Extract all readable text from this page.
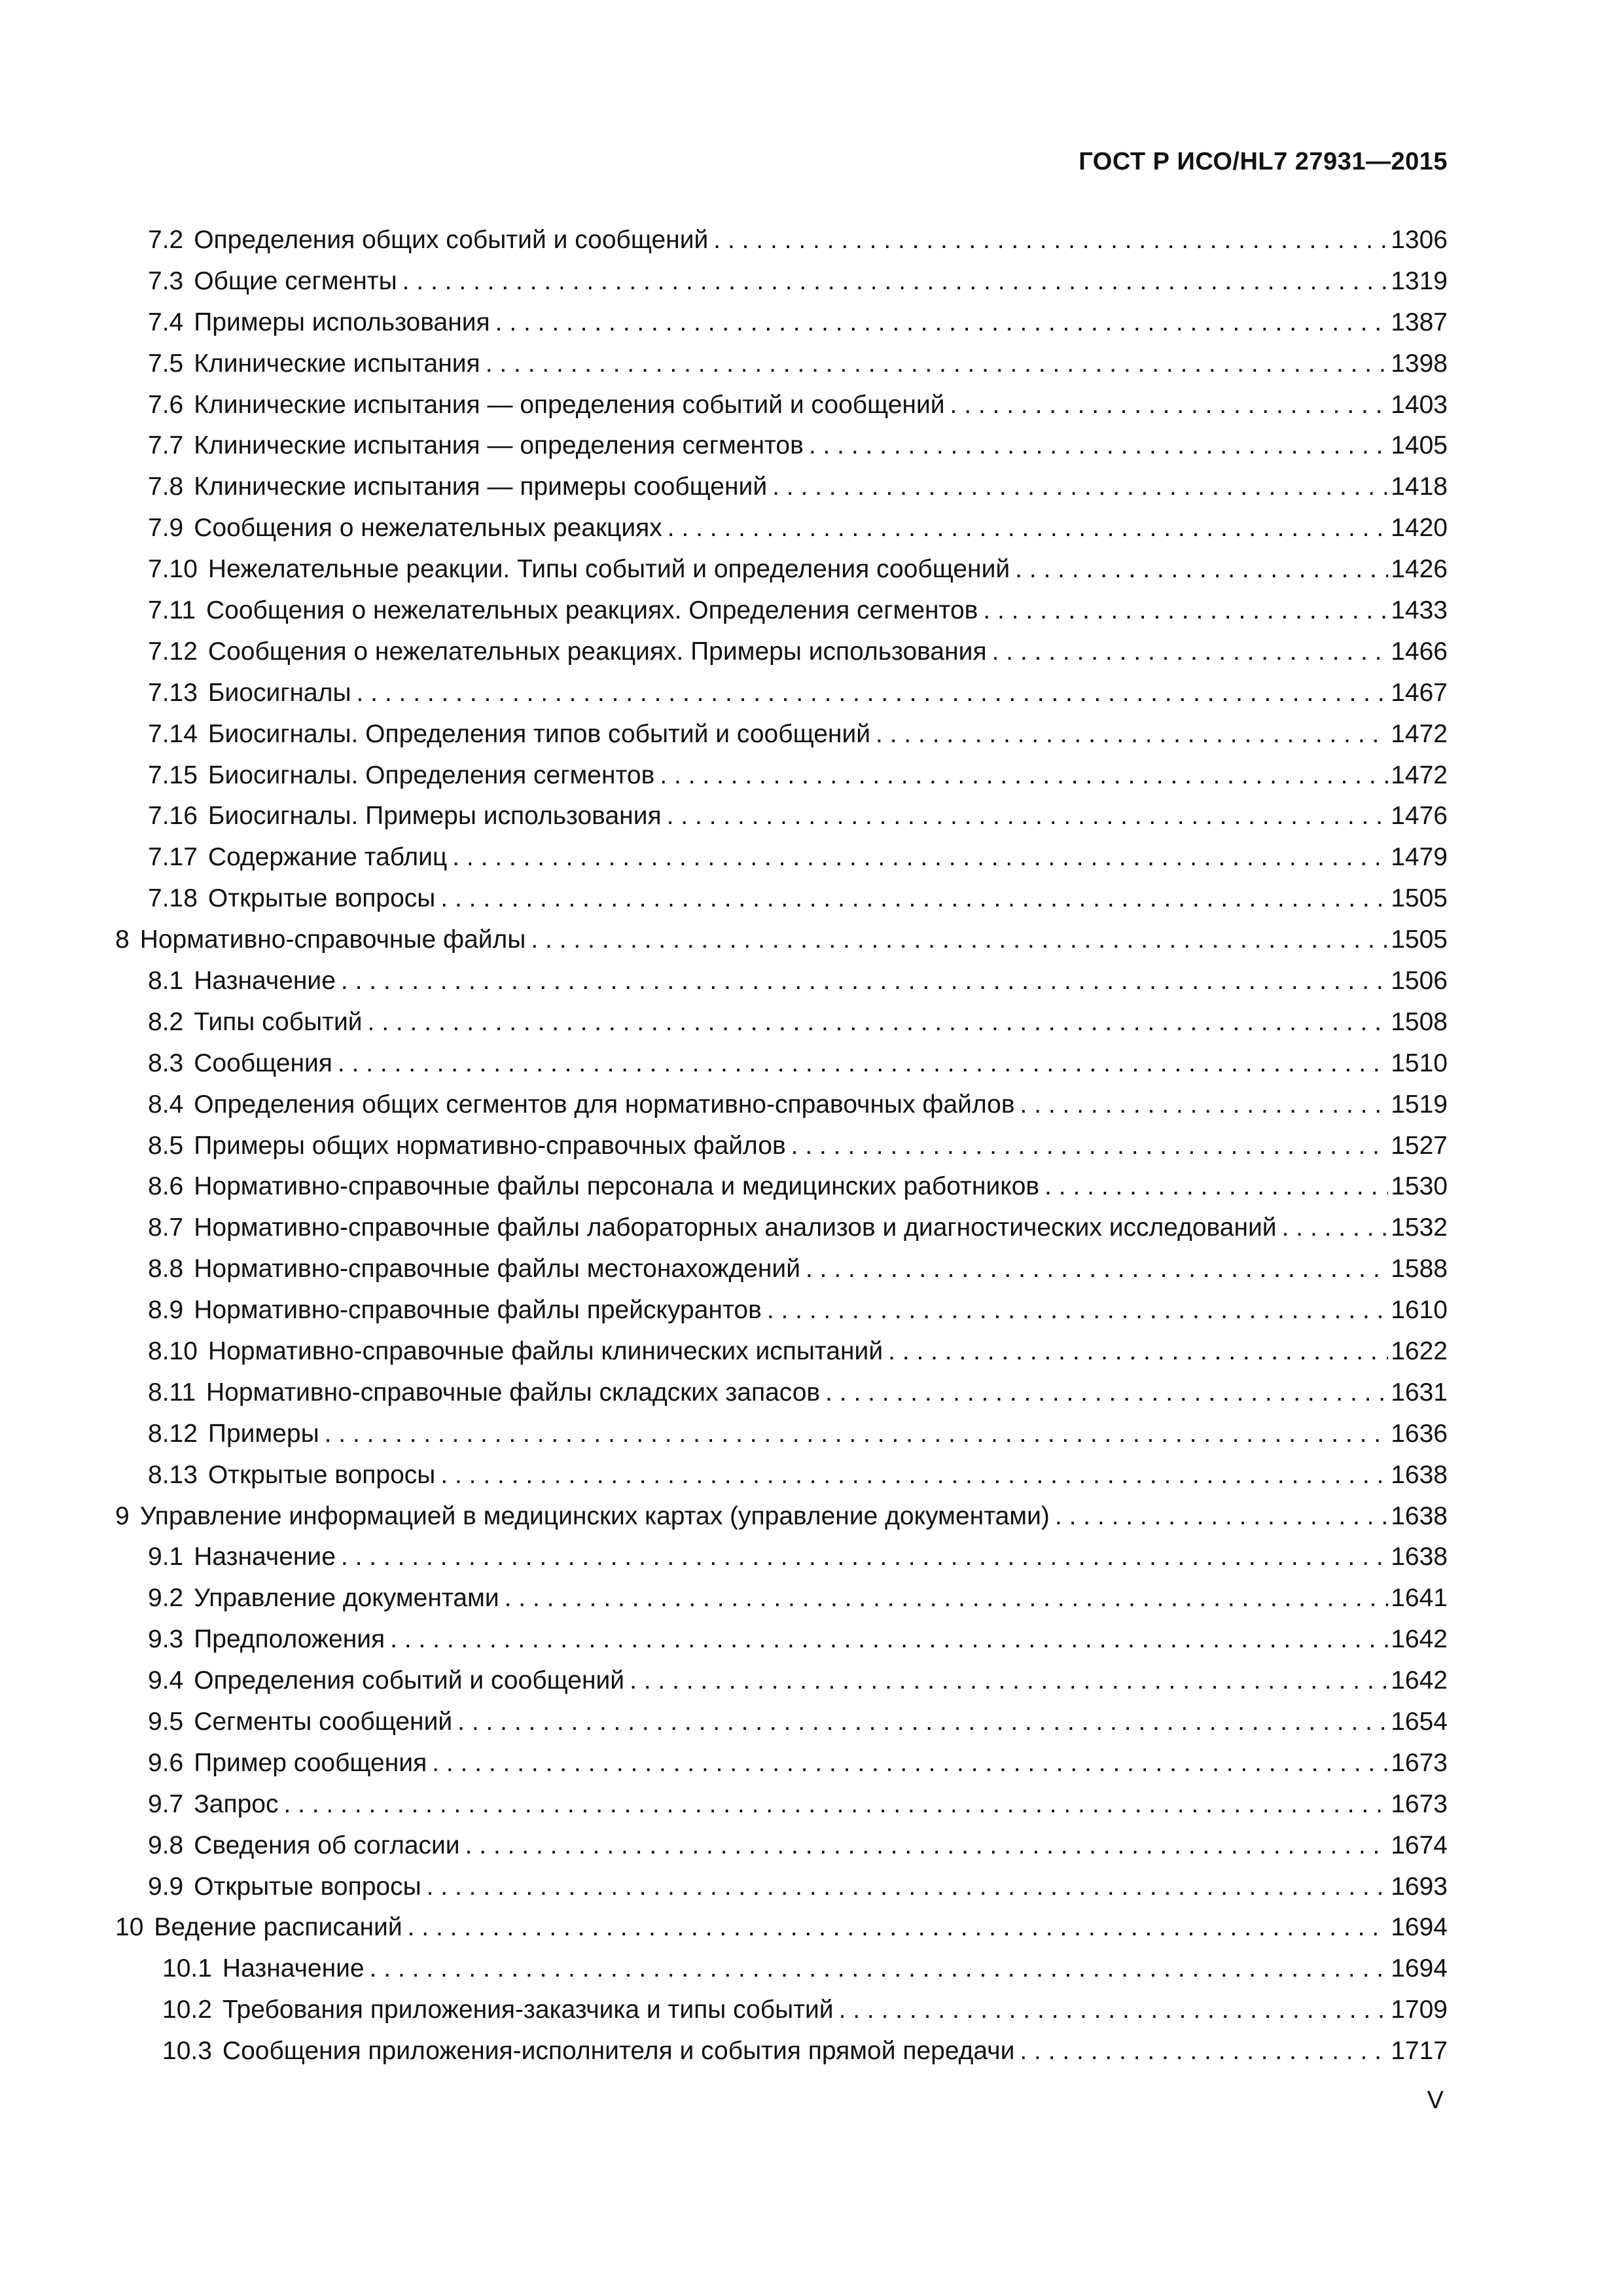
ГОСТ Р ИСО/HL7 27931—2015
7.2 Определения общих событий и сообщений . . .	1306
7.3 Общие сегменты . . .	1319
7.4 Примеры использования . . .	1387
7.5 Клинические испытания . . .	1398
7.6 Клинические испытания — определения событий и сообщений . . .	1403
7.7 Клинические испытания — определения сегментов . . .	1405
7.8 Клинические испытания — примеры сообщений . . .	1418
7.9 Сообщения о нежелательных реакциях . . .	1420
7.10 Нежелательные реакции. Типы событий и определения сообщений . . .	1426
7.11 Сообщения о нежелательных реакциях. Определения сегментов . . .	1433
7.12 Сообщения о нежелательных реакциях. Примеры использования . . .	1466
7.13 Биосигналы . . .	1467
7.14 Биосигналы. Определения типов событий и сообщений . . .	1472
7.15 Биосигналы. Определения сегментов . . .	1472
7.16 Биосигналы. Примеры использования . . .	1476
7.17 Содержание таблиц . . .	1479
7.18 Открытые вопросы . . .	1505
8 Нормативно-справочные файлы . . .	1505
8.1 Назначение . . .	1506
8.2 Типы событий . . .	1508
8.3 Сообщения . . .	1510
8.4 Определения общих сегментов для нормативно-справочных файлов . . .	1519
8.5 Примеры общих нормативно-справочных файлов . . .	1527
8.6 Нормативно-справочные файлы персонала и медицинских работников . . .	1530
8.7 Нормативно-справочные файлы лабораторных анализов и диагностических исследований . . .	1532
8.8 Нормативно-справочные файлы местонахождений . . .	1588
8.9 Нормативно-справочные файлы прейскурантов . . .	1610
8.10 Нормативно-справочные файлы клинических испытаний . . .	1622
8.11 Нормативно-справочные файлы складских запасов . . .	1631
8.12 Примеры . . .	1636
8.13 Открытые вопросы . . .	1638
9 Управление информацией в медицинских картах (управление документами) . . .	1638
9.1 Назначение . . .	1638
9.2 Управление документами . . .	1641
9.3 Предположения . . .	1642
9.4 Определения событий и сообщений . . .	1642
9.5 Сегменты сообщений . . .	1654
9.6 Пример сообщения . . .	1673
9.7 Запрос . . .	1673
9.8 Сведения об согласии . . .	1674
9.9 Открытые вопросы . . .	1693
10 Ведение расписаний . . .	1694
10.1 Назначение . . .	1694
10.2 Требования приложения-заказчика и типы событий . . .	1709
10.3 Сообщения приложения-исполнителя и события прямой передачи . . .	1717
V
